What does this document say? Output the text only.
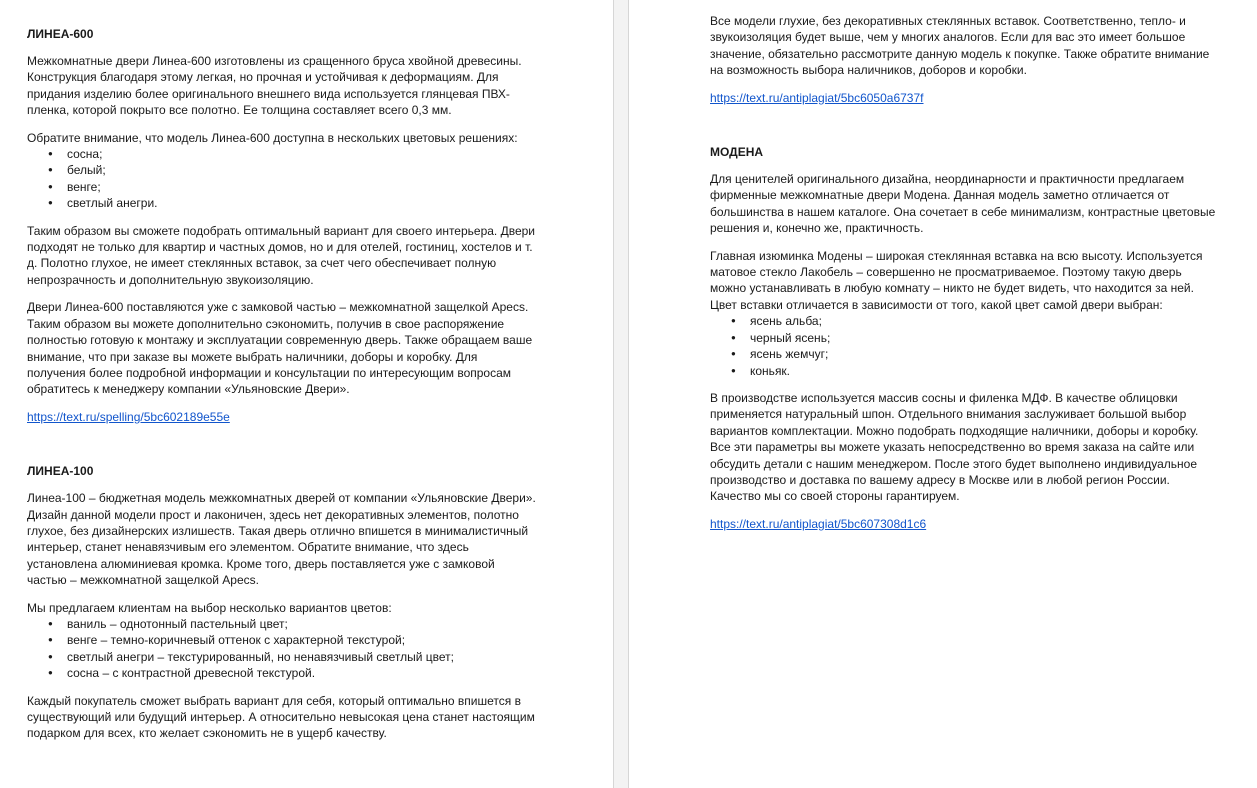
ЛИНЕА-600

Межкомнатные двери Линеа-600 изготовлены из сращенного бруса хвойной древесины. Конструкция благодаря этому легкая, но прочная и устойчивая к деформациям. Для придания изделию более оригинального внешнего вида используется глянцевая ПВХ-пленка, которой покрыто все полотно. Ее толщина составляет всего 0,3 мм.

Обратите внимание, что модель Линеа-600 доступна в нескольких цветовых решениях:

● сосна;
● белый;
● венге;
● светлый анегри.

Таким образом вы сможете подобрать оптимальный вариант для своего интерьера. Двери подходят не только для квартир и частных домов, но и для отелей, гостиниц, хостелов и т. д. Полотно глухое, не имеет стеклянных вставок, за счет чего обеспечивает полную непрозрачность и дополнительную звукоизоляцию.

Двери Линеа-600 поставляются уже с замковой частью – межкомнатной защелкой Apecs. Таким образом вы можете дополнительно сэкономить, получив в свое распоряжение полностью готовую к монтажу и эксплуатации современную дверь. Также обращаем ваше внимание, что при заказе вы можете выбрать наличники, доборы и коробку. Для получения более подробной информации и консультации по интересующим вопросам обратитесь к менеджеру компании «Ульяновские Двери».

https://text.ru/spelling/5bc602189e55e

ЛИНЕА-100

Линеа-100 – бюджетная модель межкомнатных дверей от компании «Ульяновские Двери». Дизайн данной модели прост и лаконичен, здесь нет декоративных элементов, полотно глухое, без дизайнерских излишеств. Такая дверь отлично впишется в минималистичный интерьер, станет ненавязчивым его элементом. Обратите внимание, что здесь установлена алюминиевая кромка. Кроме того, дверь поставляется уже с замковой частью – межкомнатной защелкой Apecs.

Мы предлагаем клиентам на выбор несколько вариантов цветов:

● ваниль – однотонный пастельный цвет;
● венге – темно-коричневый оттенок с характерной текстурой;
● светлый анегри – текстурированный, но ненавязчивый светлый цвет;
● сосна – с контрастной древесной текстурой.

Каждый покупатель сможет выбрать вариант для себя, который оптимально впишется в существующий или будущий интерьер. А относительно невысокая цена станет настоящим подарком для всех, кто желает сэкономить не в ущерб качеству.

Все модели глухие, без декоративных стеклянных вставок. Соответственно, тепло- и звукоизоляция будет выше, чем у многих аналогов. Если для вас это имеет большое значение, обязательно рассмотрите данную модель к покупке. Также обратите внимание на возможность выбора наличников, доборов и коробки.

https://text.ru/antiplagiat/5bc6050a6737f

МОДЕНА

Для ценителей оригинального дизайна, неординарности и практичности предлагаем фирменные межкомнатные двери Модена. Данная модель заметно отличается от большинства в нашем каталоге. Она сочетает в себе минимализм, контрастные цветовые решения и, конечно же, практичность.

Главная изюминка Модены – широкая стеклянная вставка на всю высоту. Используется матовое стекло Лакобель – совершенно не просматриваемое. Поэтому такую дверь можно устанавливать в любую комнату – никто не будет видеть, что находится за ней. Цвет вставки отличается в зависимости от того, какой цвет самой двери выбран:

● ясень альба;
● черный ясень;
● ясень жемчуг;
● коньяк.

В производстве используется массив сосны и филенка МДФ. В качестве облицовки применяется натуральный шпон. Отдельного внимания заслуживает большой выбор вариантов комплектации. Можно подобрать подходящие наличники, доборы и коробку. Все эти параметры вы можете указать непосредственно во время заказа на сайте или обсудить детали с нашим менеджером. После этого будет выполнено индивидуальное производство и доставка по вашему адресу в Москве или в любой регион России. Качество мы со своей стороны гарантируем.

https://text.ru/antiplagiat/5bc607308d1c6
